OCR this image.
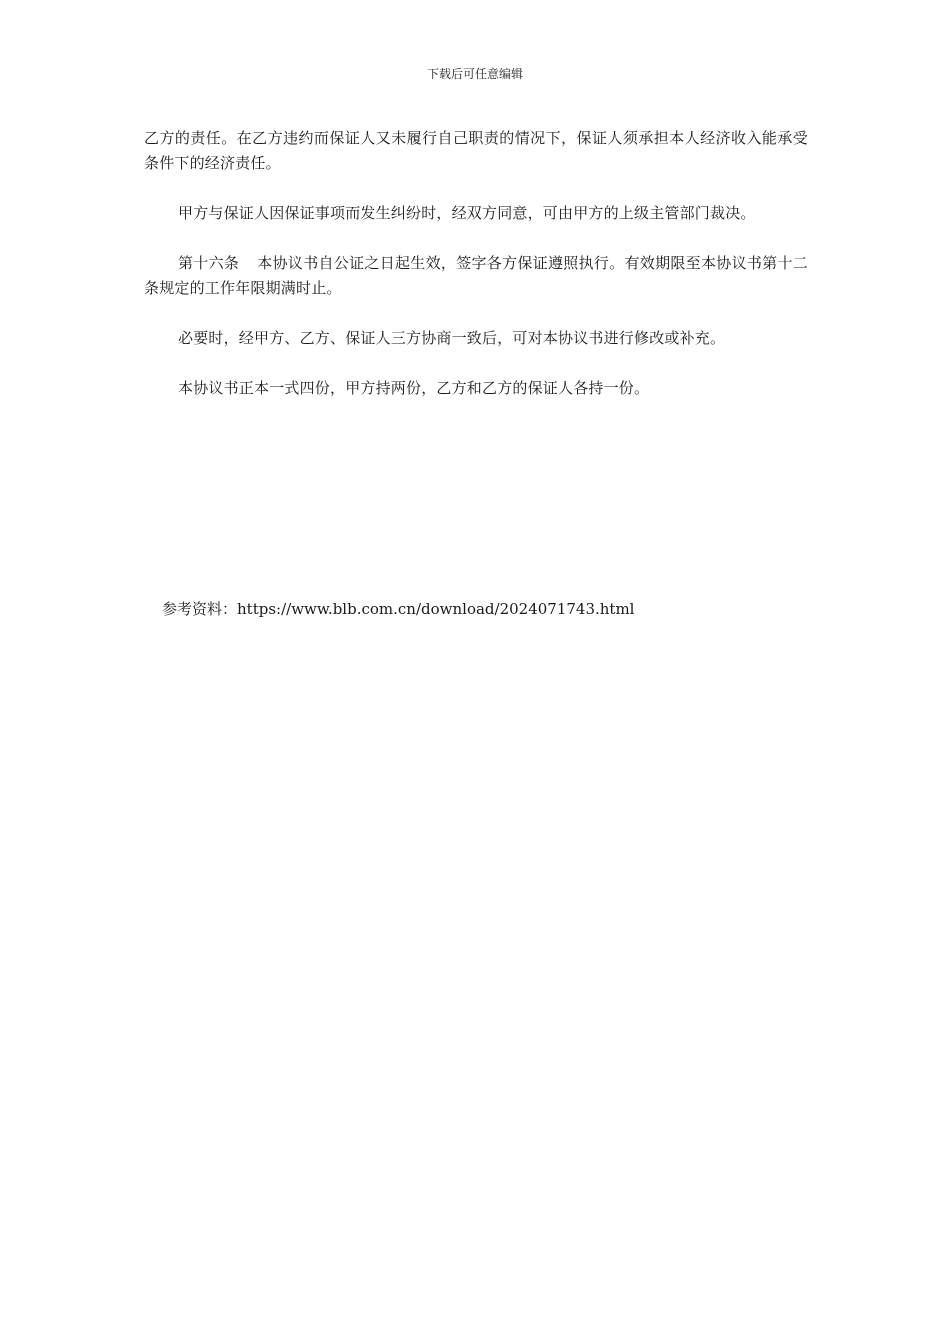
下载后可任意编辑

乙方的责任。在乙方违约而保证人又未履行自己职责的情况下，保证人须承担本人经济收入能承受条件下的经济责任。

甲方与保证人因保证事项而发生纠纷时，经双方同意，可由甲方的上级主管部门裁决。

第十六条 本协议书自公证之日起生效，签字各方保证遵照执行。有效期限至本协议书第十二条规定的工作年限期满时止。

必要时，经甲方、乙方、保证人三方协商一致后，可对本协议书进行修改或补充。

本协议书正本一式四份，甲方持两份，乙方和乙方的保证人各持一份。

参考资料：https://www.blb.com.cn/download/2024071743.html
